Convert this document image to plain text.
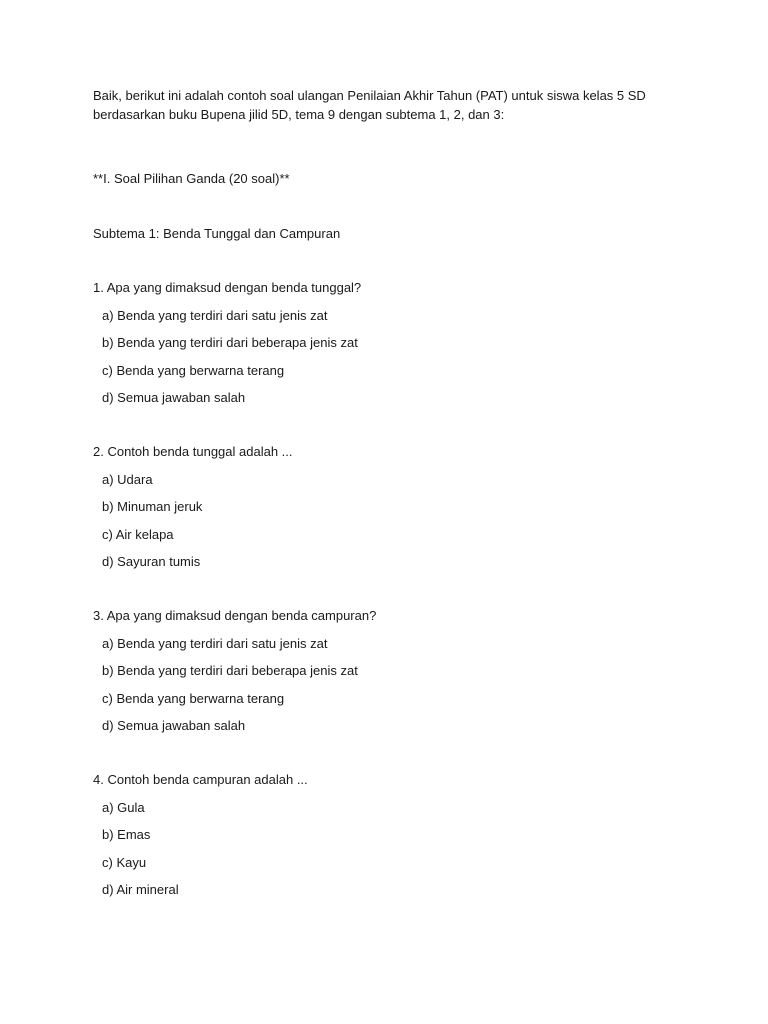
Baik, berikut ini adalah contoh soal ulangan Penilaian Akhir Tahun (PAT) untuk siswa kelas 5 SD
berdasarkan buku Bupena jilid 5D, tema 9 dengan subtema 1, 2, dan 3:
**I. Soal Pilihan Ganda (20 soal)**
Subtema 1: Benda Tunggal dan Campuran
1. Apa yang dimaksud dengan benda tunggal?
a) Benda yang terdiri dari satu jenis zat
b) Benda yang terdiri dari beberapa jenis zat
c) Benda yang berwarna terang
d) Semua jawaban salah
2. Contoh benda tunggal adalah ...
a) Udara
b) Minuman jeruk
c) Air kelapa
d) Sayuran tumis
3. Apa yang dimaksud dengan benda campuran?
a) Benda yang terdiri dari satu jenis zat
b) Benda yang terdiri dari beberapa jenis zat
c) Benda yang berwarna terang
d) Semua jawaban salah
4. Contoh benda campuran adalah ...
a) Gula
b) Emas
c) Kayu
d) Air mineral
